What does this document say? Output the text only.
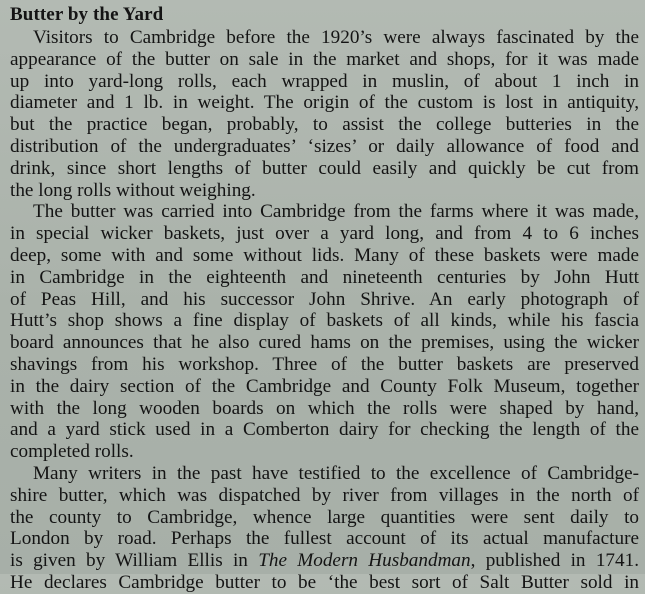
Butter by the Yard
Visitors to Cambridge before the 1920’s were always fascinated by the
appearance of the butter on sale in the market and shops, for it was made
up into yard-long rolls, each wrapped in muslin, of about 1 inch in
diameter and 1 lb. in weight. The origin of the custom is lost in antiquity,
but the practice began, probably, to assist the college butteries in the
distribution of the undergraduates’ ‘sizes’ or daily allowance of food and
drink, since short lengths of butter could easily and quickly be cut from
the long rolls without weighing.
The butter was carried into Cambridge from the farms where it was made,
in special wicker baskets, just over a yard long, and from 4 to 6 inches
deep, some with and some without lids. Many of these baskets were made
in Cambridge in the eighteenth and nineteenth centuries by John Hutt
of Peas Hill, and his successor John Shrive. An early photograph of
Hutt’s shop shows a fine display of baskets of all kinds, while his fascia
board announces that he also cured hams on the premises, using the wicker
shavings from his workshop. Three of the butter baskets are preserved
in the dairy section of the Cambridge and County Folk Museum, together
with the long wooden boards on which the rolls were shaped by hand,
and a yard stick used in a Comberton dairy for checking the length of the
completed rolls.
Many writers in the past have testified to the excellence of Cambridge-
shire butter, which was dispatched by river from villages in the north of
the county to Cambridge, whence large quantities were sent daily to
London by road. Perhaps the fullest account of its actual manufacture
is given by William Ellis in The Modern Husbandman, published in 1741.
He declares Cambridge butter to be ‘the best sort of Salt Butter sold in
